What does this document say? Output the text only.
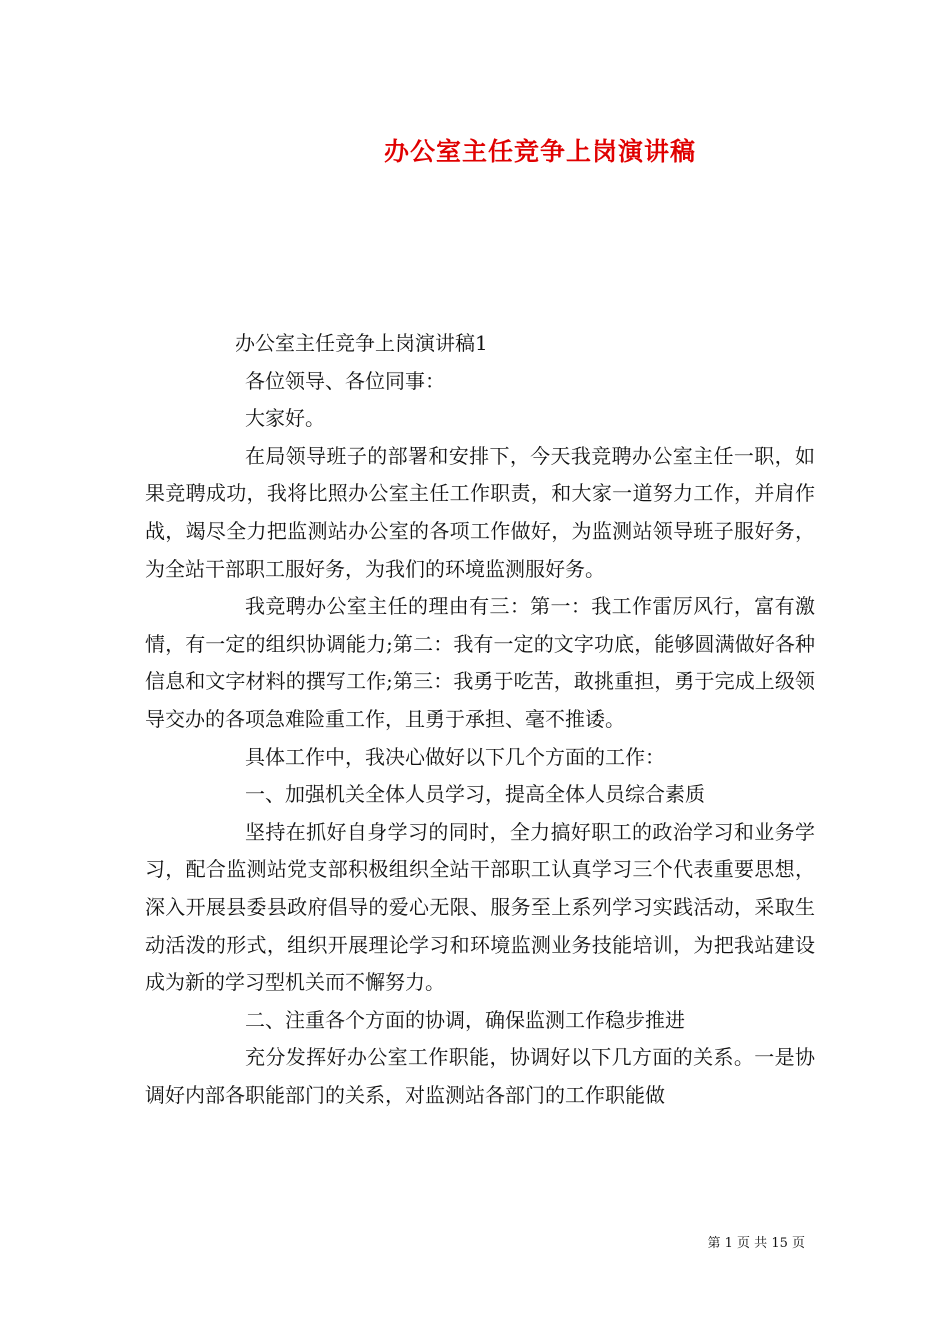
办公室主任竞争上岗演讲稿

办公室主任竞争上岗演讲稿1

各位领导、各位同事：

大家好。

在局领导班子的部署和安排下，今天我竞聘办公室主任一职，如果竞聘成功，我将比照办公室主任工作职责，和大家一道努力工作，并肩作战，竭尽全力把监测站办公室的各项工作做好，为监测站领导班子服好务，为全站干部职工服好务，为我们的环境监测服好务。

我竞聘办公室主任的理由有三：第一：我工作雷厉风行，富有激情，有一定的组织协调能力;第二：我有一定的文字功底，能够圆满做好各种信息和文字材料的撰写工作;第三：我勇于吃苦，敢挑重担，勇于完成上级领导交办的各项急难险重工作，且勇于承担、毫不推诿。

具体工作中，我决心做好以下几个方面的工作：

一、加强机关全体人员学习，提高全体人员综合素质

坚持在抓好自身学习的同时，全力搞好职工的政治学习和业务学习，配合监测站党支部积极组织全站干部职工认真学习三个代表重要思想，深入开展县委县政府倡导的爱心无限、服务至上系列学习实践活动，采取生动活泼的形式，组织开展理论学习和环境监测业务技能培训，为把我站建设成为新的学习型机关而不懈努力。

二、注重各个方面的协调，确保监测工作稳步推进

充分发挥好办公室工作职能，协调好以下几方面的关系。一是协调好内部各职能部门的关系，对监测站各部门的工作职能做

第 1 页 共 15 页
